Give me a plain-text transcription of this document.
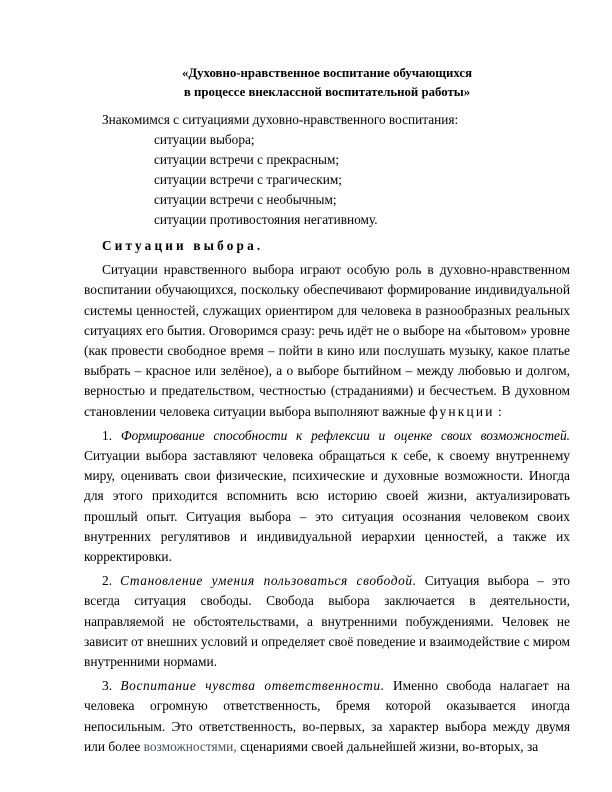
«Духовно-нравственное воспитание обучающихся
в процессе внеклассной воспитательной работы»

Знакомимся с ситуациями духовно-нравственного воспитания:

ситуации выбора;
ситуации встречи с прекрасным;
ситуации встречи с трагическим;
ситуации встречи с необычным;
ситуации противостояния негативному.
Ситуации выбора.

Ситуации нравственного выбора играют особую роль в духовно-нравственном воспитании обучающихся, поскольку обеспечивают формирование индивидуальной системы ценностей, служащих ориентиром для человека в разнообразных реальных ситуациях его бытия. Оговоримся сразу: речь идёт не о выборе на «бытовом» уровне (как провести свободное время – пойти в кино или послушать музыку, какое платье выбрать – красное или зелёное), а о выборе бытийном – между любовью и долгом, верностью и предательством, честностью (страданиями) и бесчестьем. В духовном становлении человека ситуации выбора выполняют важные функции :

1. Формирование способности к рефлексии и оценке своих возможностей. Ситуации выбора заставляют человека обращаться к себе, к своему внутреннему миру, оценивать свои физические, психические и духовные возможности. Иногда для этого приходится вспомнить всю историю своей жизни, актуализировать прошлый опыт. Ситуация выбора – это ситуация осознания человеком своих внутренних регулятивов и индивидуальной иерархии ценностей, а также их корректировки.

2. Становление умения пользоваться свободой. Ситуация выбора – это всегда ситуация свободы. Свобода выбора заключается в деятельности, направляемой не обстоятельствами, а внутренними побуждениями. Человек не зависит от внешних условий и определяет своё поведение и взаимодействие с миром внутренними нормами.

3. Воспитание чувства ответственности. Именно свобода налагает на человека огромную ответственность, бремя которой оказывается иногда непосильным. Это ответственность, во-первых, за характер выбора между двумя или более возможностями, сценариями своей дальнейшей жизни, во-вторых, за
